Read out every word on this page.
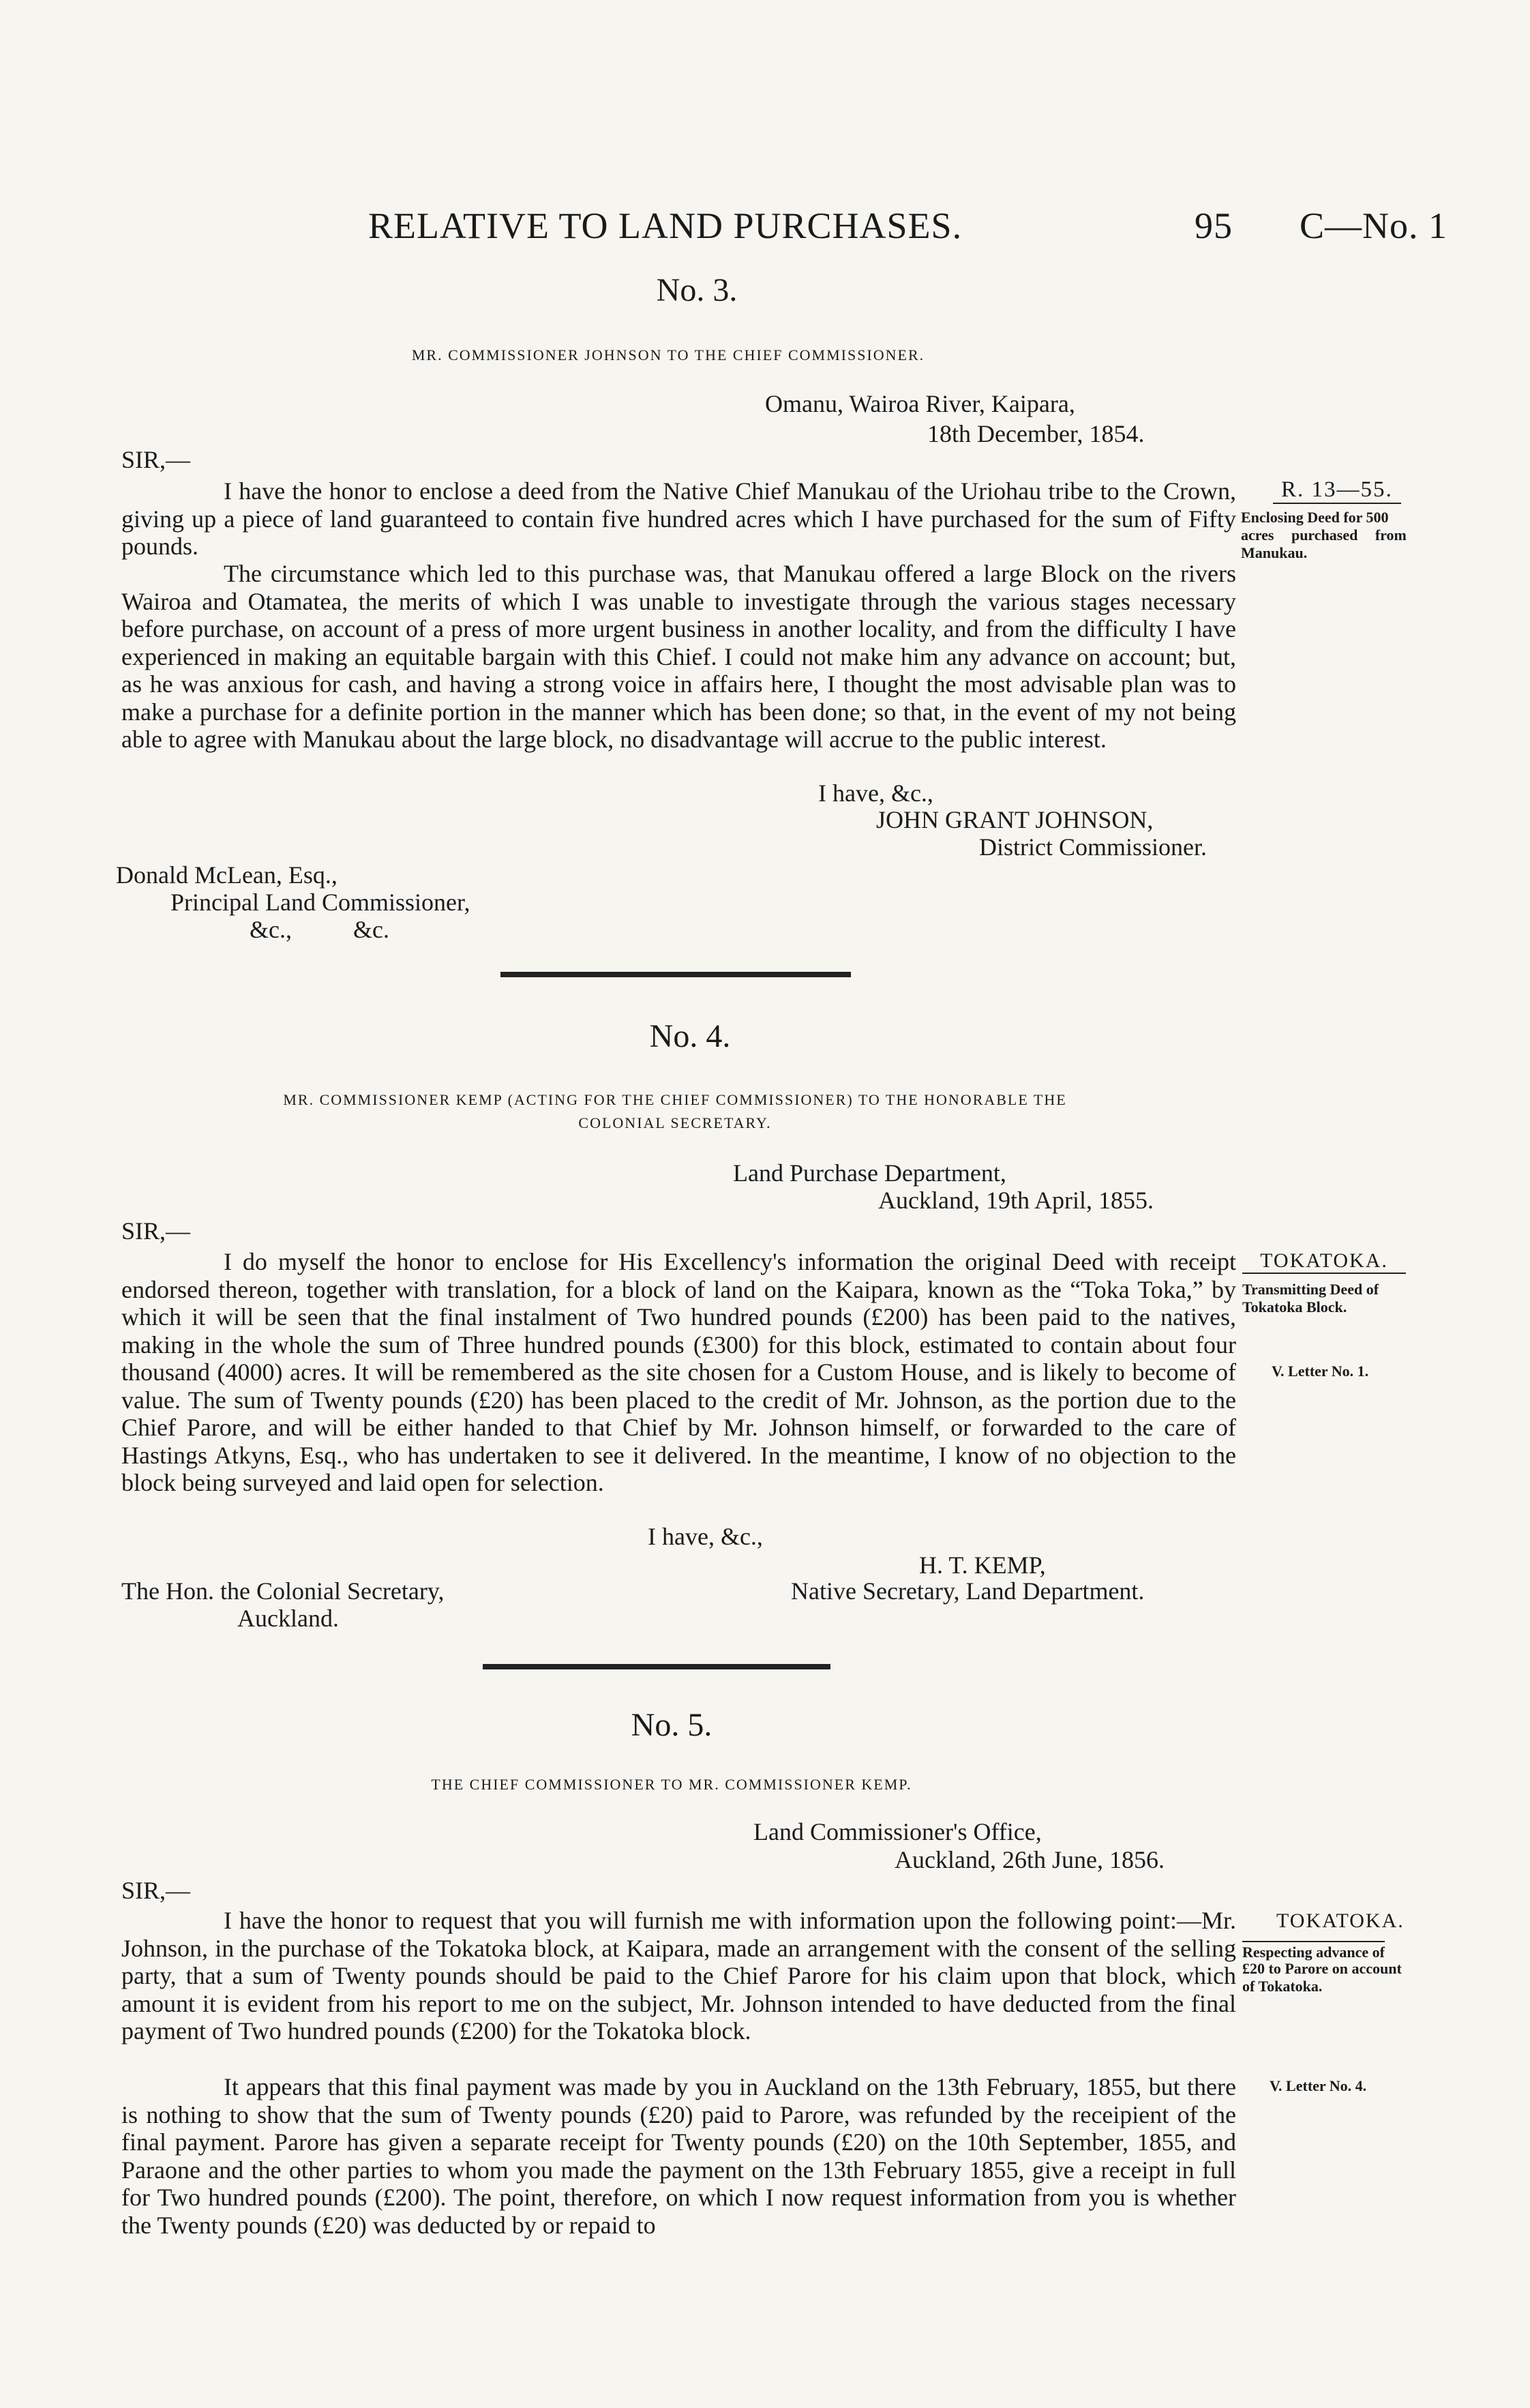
RELATIVE TO LAND PURCHASES.	95 C—No. 1
No. 3.
MR. COMMISSIONER JOHNSON TO THE CHIEF COMMISSIONER.
Omanu, Wairoa River, Kaipara,
18th December, 1854.
SIR,—
I have the honor to enclose a deed from the Native Chief Manukau of the Uriohau tribe to the Crown, giving up a piece of land guaranteed to contain five hundred acres which I have purchased for the sum of Fifty pounds.
The circumstance which led to this purchase was, that Manukau offered a large Block on the rivers Wairoa and Otamatea, the merits of which I was unable to investigate through the various stages necessary before purchase, on account of a press of more urgent business in another locality, and from the difficulty I have experienced in making an equitable bargain with this Chief. I could not make him any advance on account; but, as he was anxious for cash, and having a strong voice in affairs here, I thought the most advisable plan was to make a purchase for a definite portion in the manner which has been done; so that, in the event of my not being able to agree with Manukau about the large block, no disadvantage will accrue to the public interest.
I have, &c.,
JOHN GRANT JOHNSON,
District Commissioner.
Donald McLean, Esq.,
Principal Land Commissioner,
&c.,          &c.
R. 13—55.
Enclosing Deed for 500
acres purchased from
Manukau.
No. 4.
MR. COMMISSIONER KEMP (ACTING FOR THE CHIEF COMMISSIONER) TO THE HONORABLE THE
COLONIAL SECRETARY.
Land Purchase Department,
Auckland, 19th April, 1855.
SIR,—
I do myself the honor to enclose for His Excellency's information the original Deed with receipt endorsed thereon, together with translation, for a block of land on the Kaipara, known as the “Toka Toka,” by which it will be seen that the final instalment of Two hundred pounds (£200) has been paid to the natives, making in the whole the sum of Three hundred pounds (£300) for this block, estimated to contain about four thousand (4000) acres. It will be remembered as the site chosen for a Custom House, and is likely to become of value. The sum of Twenty pounds (£20) has been placed to the credit of Mr. Johnson, as the portion due to the Chief Parore, and will be either handed to that Chief by Mr. Johnson himself, or forwarded to the care of Hastings Atkyns, Esq., who has undertaken to see it delivered. In the meantime, I know of no objection to the block being surveyed and laid open for selection.
I have, &c.,
H. T. KEMP,
The Hon. the Colonial Secretary,	Native Secretary, Land Department.
Auckland.
TOKATOKA.
Transmitting Deed of
Tokatoka Block.
V. Letter No. 1.
No. 5.
THE CHIEF COMMISSIONER TO MR. COMMISSIONER KEMP.
Land Commissioner's Office,
Auckland, 26th June, 1856.
SIR,—
I have the honor to request that you will furnish me with information upon the following point:—Mr. Johnson, in the purchase of the Tokatoka block, at Kaipara, made an arrangement with the consent of the selling party, that a sum of Twenty pounds should be paid to the Chief Parore for his claim upon that block, which amount it is evident from his report to me on the subject, Mr. Johnson intended to have deducted from the final payment of Two hundred pounds (£200) for the Tokatoka block.
It appears that this final payment was made by you in Auckland on the 13th February, 1855, but there is nothing to show that the sum of Twenty pounds (£20) paid to Parore, was refunded by the receipient of the final payment. Parore has given a separate receipt for Twenty pounds (£20) on the 10th September, 1855, and Paraone and the other parties to whom you made the payment on the 13th February 1855, give a receipt in full for Two hundred pounds (£200). The point, therefore, on which I now request information from you is whether the Twenty pounds (£20) was deducted by or repaid to
TOKATOKA.
Respecting advance of
£20 to Parore on account
of Tokatoka.
V. Letter No. 4.
